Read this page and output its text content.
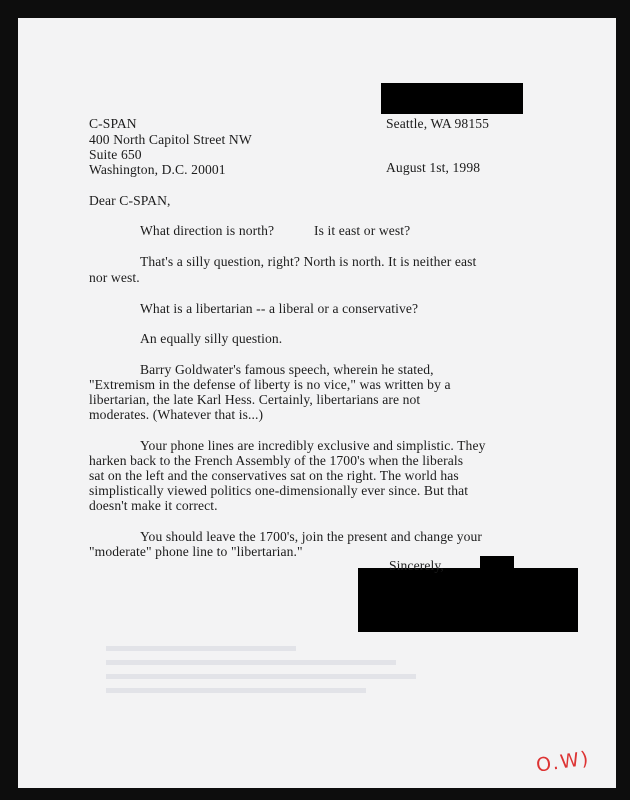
Seattle, WA 98155
August 1st, 1998
C-SPAN
400 North Capitol Street NW
Suite 650
Washington, D.C. 20001
Dear C-SPAN,
What direction is north?	Is it east or west?
That's a silly question, right? North is north. It is neither east
nor west.
What is a libertarian -- a liberal or a conservative?
An equally silly question.
Barry Goldwater's famous speech, wherein he stated,
"Extremism in the defense of liberty is no vice," was written by a
libertarian, the late Karl Hess. Certainly, libertarians are not
moderates. (Whatever that is...)
Your phone lines are incredibly exclusive and simplistic. They
harken back to the French Assembly of the 1700's when the liberals
sat on the left and the conservatives sat on the right. The world has
simplistically viewed politics one-dimensionally ever since. But that
doesn't make it correct.
You should leave the 1700's, join the present and change your
"moderate" phone line to "libertarian."
Sincerely,
O.W)
